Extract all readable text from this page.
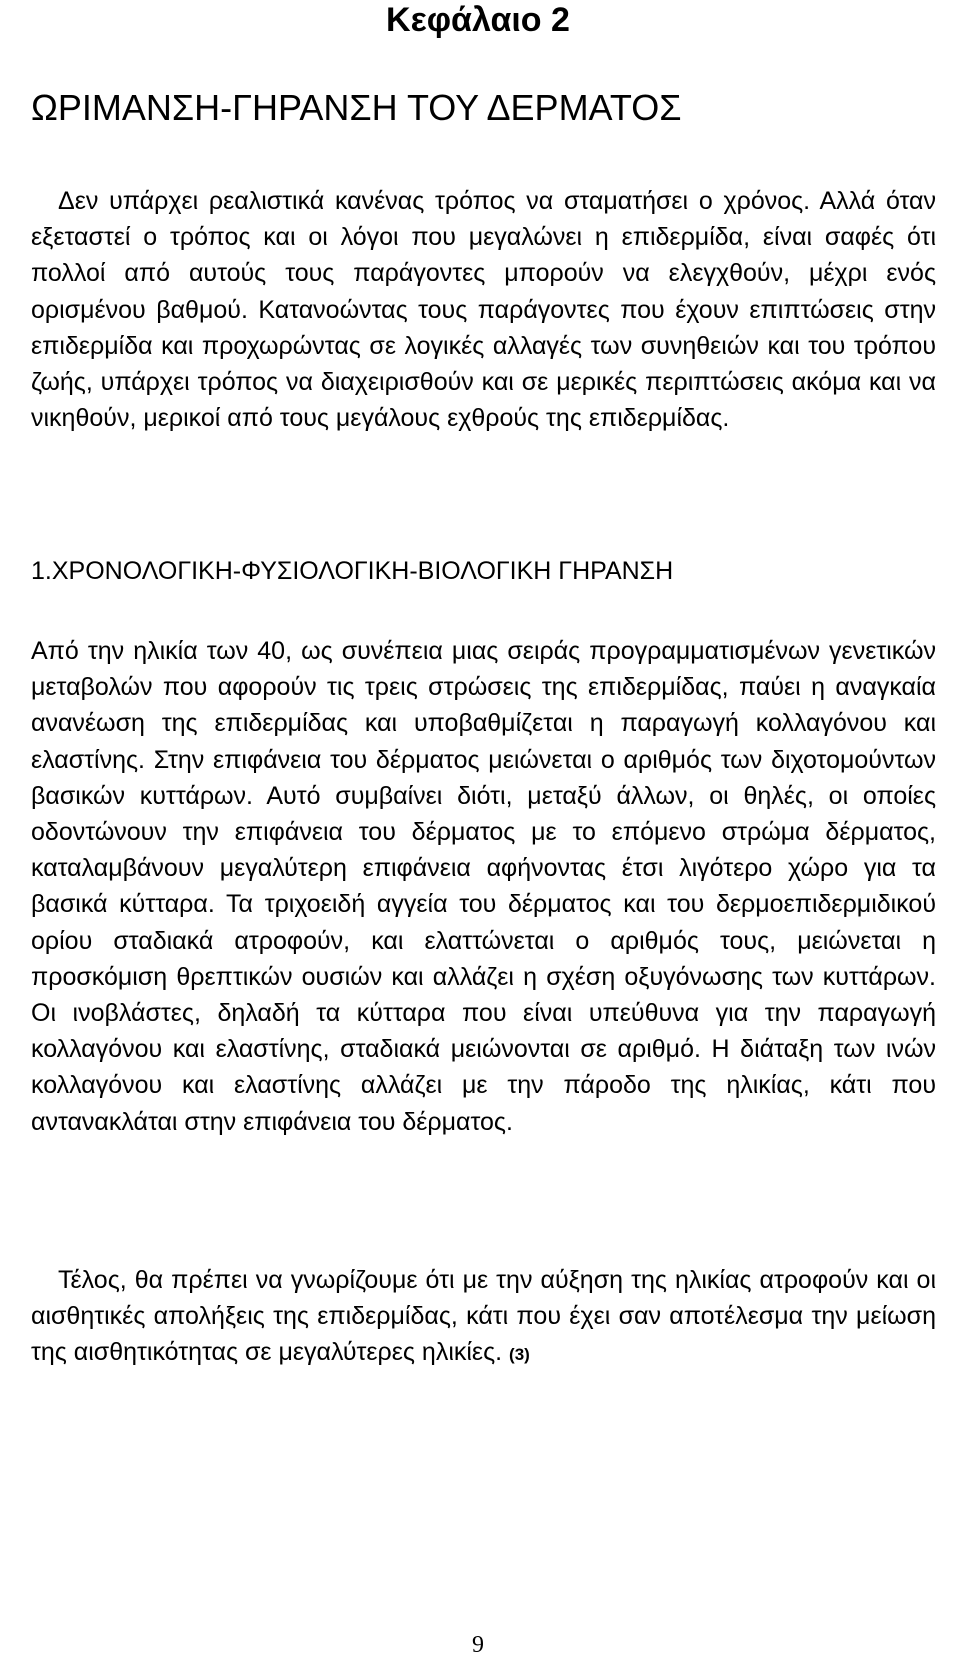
Κεφάλαιο 2
ΩΡΙΜΑΝΣΗ-ΓΗΡΑΝΣΗ ΤΟΥ ΔΕΡΜΑΤΟΣ

Δεν υπάρχει ρεαλιστικά κανένας τρόπος να σταματήσει ο χρόνος. Αλλά όταν εξεταστεί ο τρόπος και οι λόγοι που μεγαλώνει η επιδερμίδα, είναι σαφές ότι πολλοί από αυτούς τους παράγοντες μπορούν να ελεγχθούν, μέχρι ενός ορισμένου βαθμού. Κατανοώντας τους παράγοντες που έχουν επιπτώσεις στην επιδερμίδα και προχωρώντας σε λογικές αλλαγές των συνηθειών και του τρόπου ζωής, υπάρχει τρόπος να διαχειρισθούν και σε μερικές περιπτώσεις ακόμα και να νικηθούν, μερικοί από τους μεγάλους εχθρούς της επιδερμίδας.

1.ΧΡΟΝΟΛΟΓΙΚΗ-ΦΥΣΙΟΛΟΓΙΚΗ-ΒΙΟΛΟΓΙΚΗ ΓΗΡΑΝΣΗ

Από την ηλικία των 40, ως συνέπεια μιας σειράς προγραμματισμένων γενετικών μεταβολών που αφορούν τις τρεις στρώσεις της επιδερμίδας, παύει η αναγκαία ανανέωση της επιδερμίδας και υποβαθμίζεται η παραγωγή κολλαγόνου και ελαστίνης. Στην επιφάνεια του δέρματος μειώνεται ο αριθμός των διχοτομούντων βασικών κυττάρων. Αυτό συμβαίνει διότι, μεταξύ άλλων, οι θηλές, οι οποίες οδοντώνουν την επιφάνεια του δέρματος με το επόμενο στρώμα δέρματος, καταλαμβάνουν μεγαλύτερη επιφάνεια αφήνοντας έτσι λιγότερο χώρο για τα βασικά κύτταρα. Τα τριχοειδή αγγεία του δέρματος και του δερμοεπιδερμιδικού ορίου σταδιακά ατροφούν, και ελαττώνεται ο αριθμός τους, μειώνεται η προσκόμιση θρεπτικών ουσιών και αλλάζει η σχέση οξυγόνωσης των κυττάρων. Οι ινοβλάστες, δηλαδή τα κύτταρα που είναι υπεύθυνα για την παραγωγή κολλαγόνου και ελαστίνης, σταδιακά μειώνονται σε αριθμό. Η διάταξη των ινών κολλαγόνου και ελαστίνης αλλάζει με την πάροδο της ηλικίας, κάτι που αντανακλάται στην επιφάνεια του δέρματος.

Τέλος, θα πρέπει να γνωρίζουμε ότι με την αύξηση της ηλικίας ατροφούν και οι αισθητικές απολήξεις της επιδερμίδας, κάτι που έχει σαν αποτέλεσμα την μείωση της αισθητικότητας σε μεγαλύτερες ηλικίες. (3)

9
